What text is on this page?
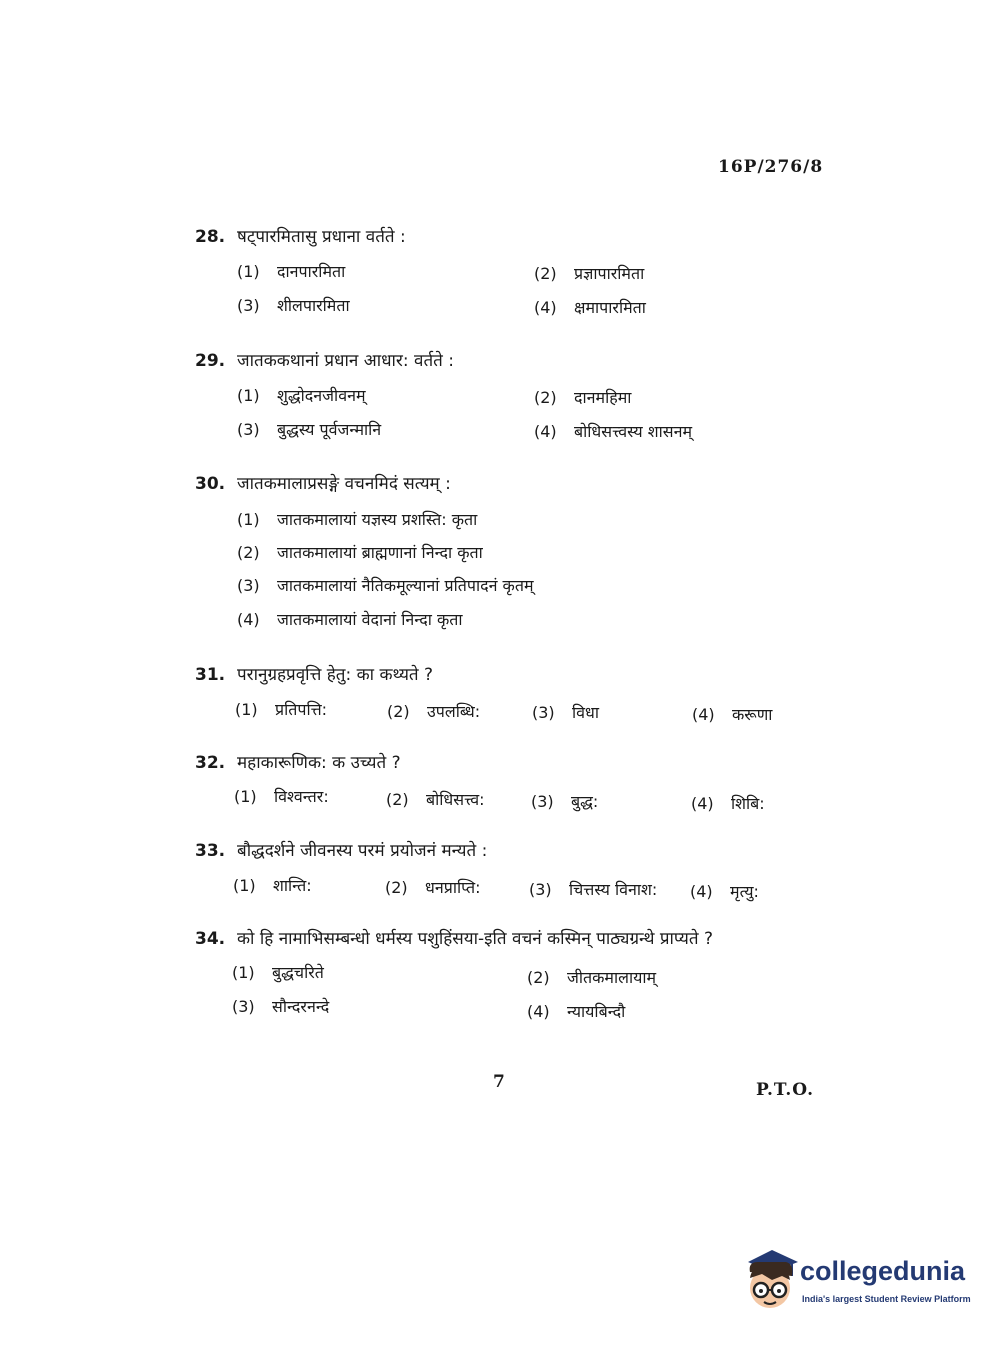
16P/276/8
28. षट्पारमितासु प्रधाना वर्तते :
(1) दानपारमिता	(2) प्रज्ञापारमिता
(3) शीलपारमिता	(4) क्षमापारमिता
29. जातककथानां प्रधान आधार: वर्तते :
(1) शुद्धोदनजीवनम्	(2) दानमहिमा
(3) बुद्धस्य पूर्वजन्मानि	(4) बोधिसत्त्वस्य शासनम्
30. जातकमालाप्रसङ्गे वचनमिदं सत्यम् :
(1) जातकमालायां यज्ञस्य प्रशस्ति: कृता
(2) जातकमालायां ब्राह्मणानां निन्दा कृता
(3) जातकमालायां नैतिकमूल्यानां प्रतिपादनं कृतम्
(4) जातकमालायां वेदानां निन्दा कृता
31. परानुग्रहप्रवृत्ति हेतु: का कथ्यते ?
(1) प्रतिपत्ति:	(2) उपलब्धि:	(3) विधा	(4) करूणा
32. महाकारूणिक: क उच्यते ?
(1) विश्वन्तर:	(2) बोधिसत्त्व:	(3) बुद्ध:	(4) शिबि:
33. बौद्धदर्शने जीवनस्य परमं प्रयोजनं मन्यते :
(1) शान्ति:	(2) धनप्राप्ति:	(3) चित्तस्य विनाश: (4) मृत्यु:
34. को हि नामाभिसम्बन्धो धर्मस्य पशुहिंसया-इति वचनं कस्मिन् पाठ्यग्रन्थे प्राप्यते ?
(1) बुद्धचरिते	(2) जीतकमालायाम्
(3) सौन्दरनन्दे	(4) न्यायबिन्दौ
7	P.T.O.
collegedunia
India's largest Student Review Platform
